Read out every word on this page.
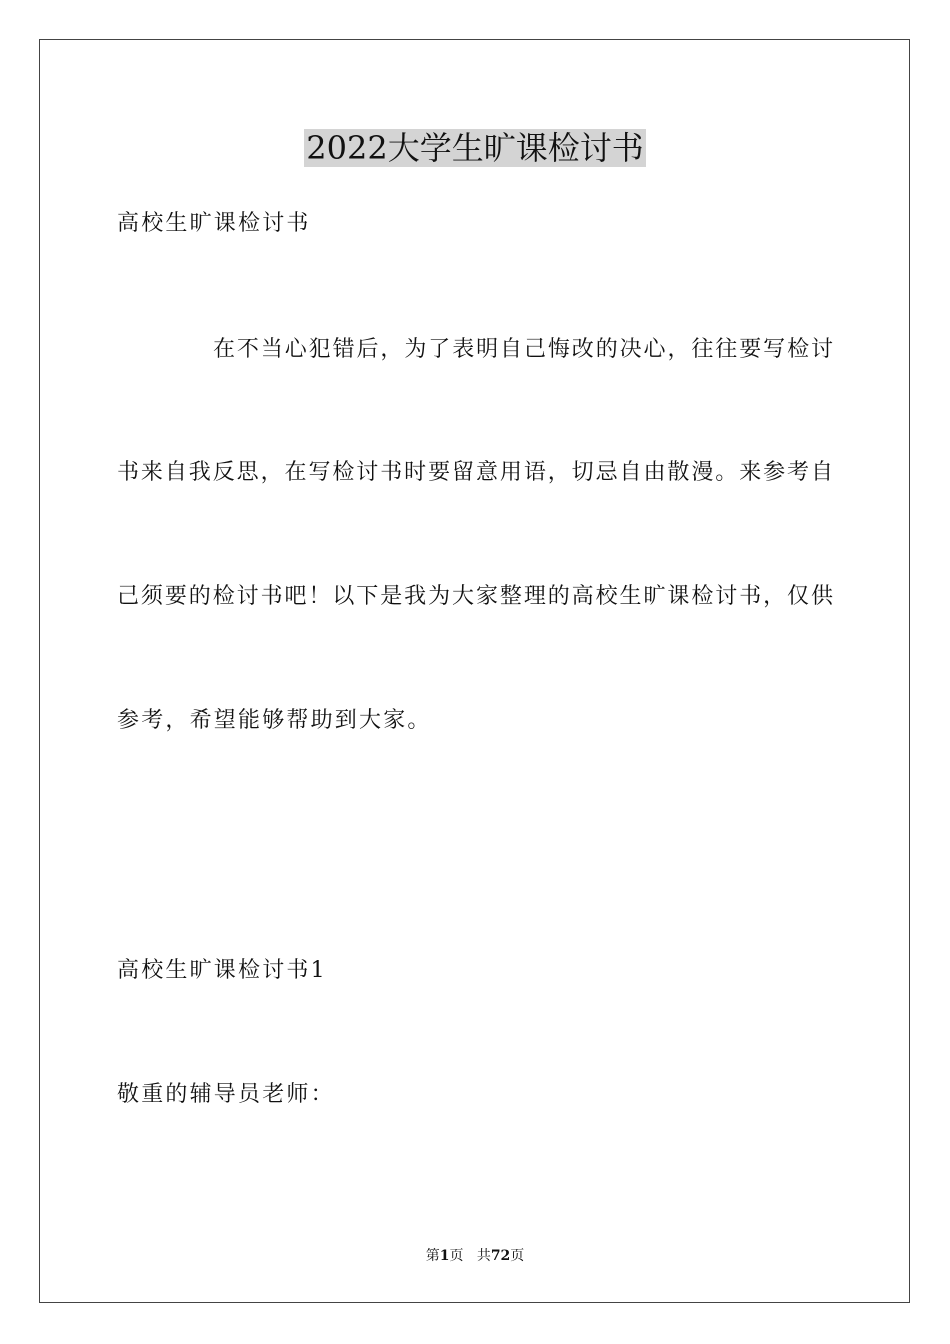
2022大学生旷课检讨书

高校生旷课检讨书

在不当心犯错后，为了表明自己悔改的决心，往往要写检讨

书来自我反思，在写检讨书时要留意用语，切忌自由散漫。来参考自

己须要的检讨书吧！以下是我为大家整理的高校生旷课检讨书，仅供

参考，希望能够帮助到大家。

高校生旷课检讨书1

敬重的辅导员老师：

第1页 共72页
